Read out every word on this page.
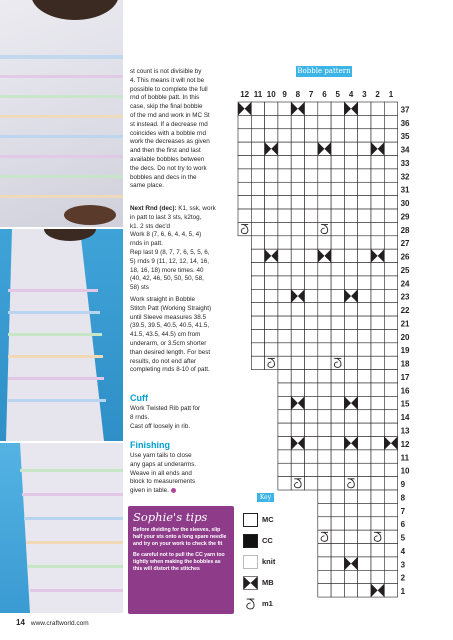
st count is not divisible by

4. This means it will not be

possible to complete the full

rnd of bobble patt. In this

case, skip the final bobble

of the rnd and work in MC St

st instead. If a decrease rnd

coincides with a bobble rnd

work the decreases as given

and then the first and last

available bobbles between

the decs. Do not try to work

bobbles and decs in the

same place.

Next Rnd (dec): K1, ssk, work

in patt to last 3 sts, k2tog,

k1. 2 sts dec'd

Work 8 (7, 6, 6, 4, 4, 5, 4)

rnds in patt.

Rep last 9 (8, 7, 7, 6, 5, 5, 6,

5) rnds 9 (11, 12, 12, 14, 16,

18, 16, 18) more times. 40

(40, 42, 46, 50, 50, 50, 58,

58) sts

Work straight in Bobble

Stitch Patt (Working Straight)

until Sleeve measures 38.5

(39.5, 39.5, 40.5, 40.5, 41.5,

41.5, 43.5, 44.5) cm from

underarm, or 3.5cm shorter

than desired length. For best

results, do not end after

completing rnds 8-10 of patt.

Cuff

Work Twisted Rib patt for

8 rnds.

Cast off loosely in rib.

Finishing

Use yarn tails to close

any gaps at underarms.

Weave in all ends and

block to measurements

given in table.

Sophie's tips

Before dividing for the sleeves, slip half your sts onto a long spare needle and try on your work to check the fit

Be careful not to pull the CC yarn too tightly when making the bobbles as this will distort the stitches

Bobble pattern
12 11 10 9 8 7 6 5 4 3 2 1
37
36
35
34
33
32
31
30
29
28
27
26
25
24
23
22
21
20
19
18
17
16
15
14
13
12
11
10
9
8
7
6
5
4
3
2
1
Key
MC
CC
knit
MB
m1
14 www.craftworld.com
